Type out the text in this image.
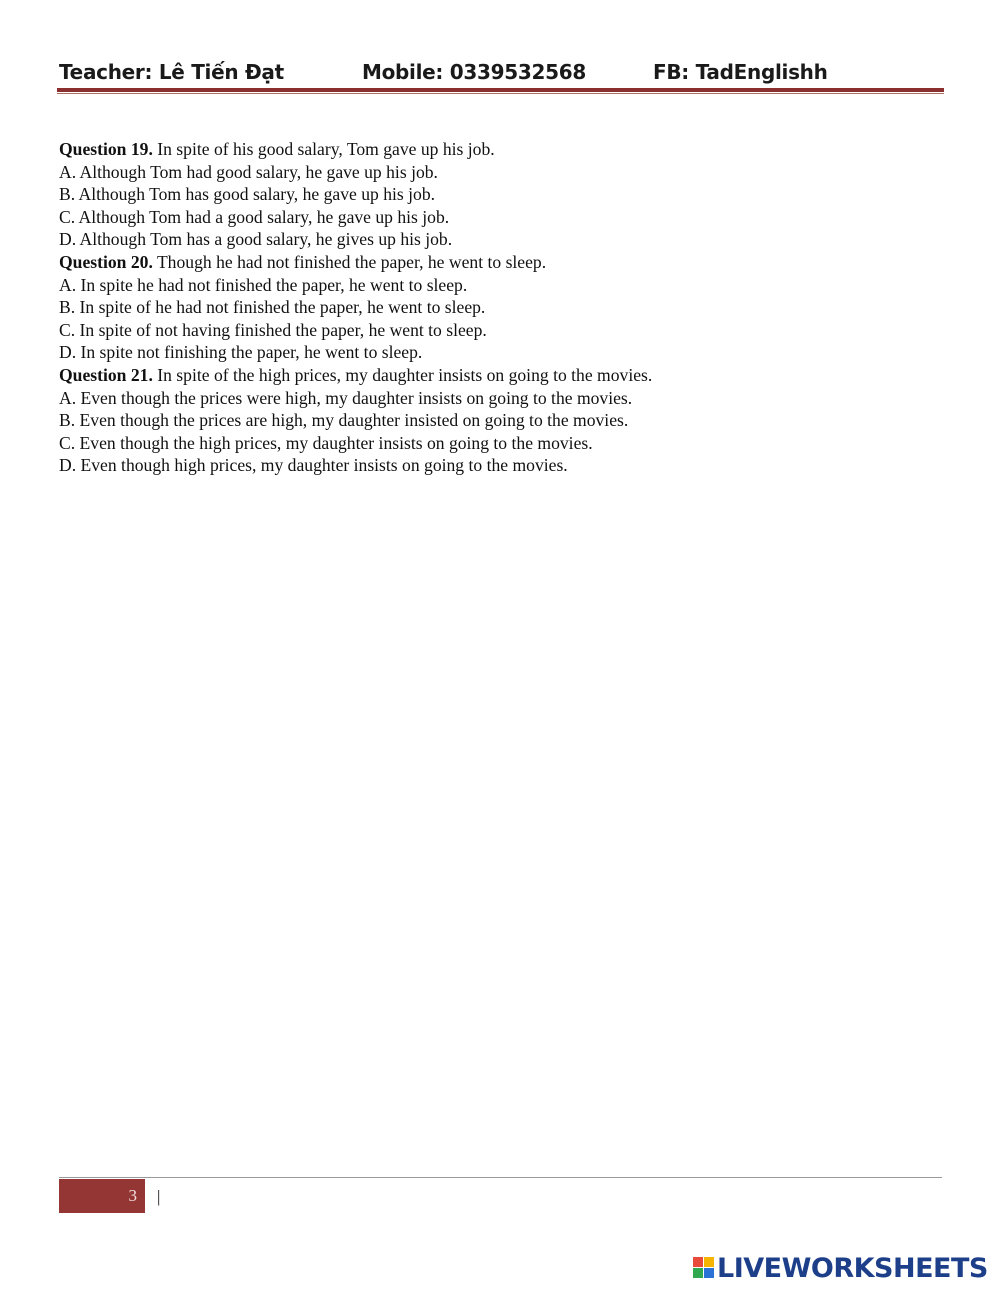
Teacher: Lê Tiến Đạt	Mobile: 0339532568	FB: TadEnglishh

Question 19. In spite of his good salary, Tom gave up his job.

A. Although Tom had good salary, he gave up his job.

B. Although Tom has good salary, he gave up his job.

C. Although Tom had a good salary, he gave up his job.

D. Although Tom has a good salary, he gives up his job.

Question 20. Though he had not finished the paper, he went to sleep.

A. In spite he had not finished the paper, he went to sleep.

B. In spite of he had not finished the paper, he went to sleep.

C. In spite of not having finished the paper, he went to sleep.

D. In spite not finishing the paper, he went to sleep.

Question 21. In spite of the high prices, my daughter insists on going to the movies.

A. Even though the prices were high, my daughter insists on going to the movies.

B. Even though the prices are high, my daughter insisted on going to the movies.

C. Even though the high prices, my daughter insists on going to the movies.

D. Even though high prices, my daughter insists on going to the movies.

3	|
LIVEWORKSHEETS
